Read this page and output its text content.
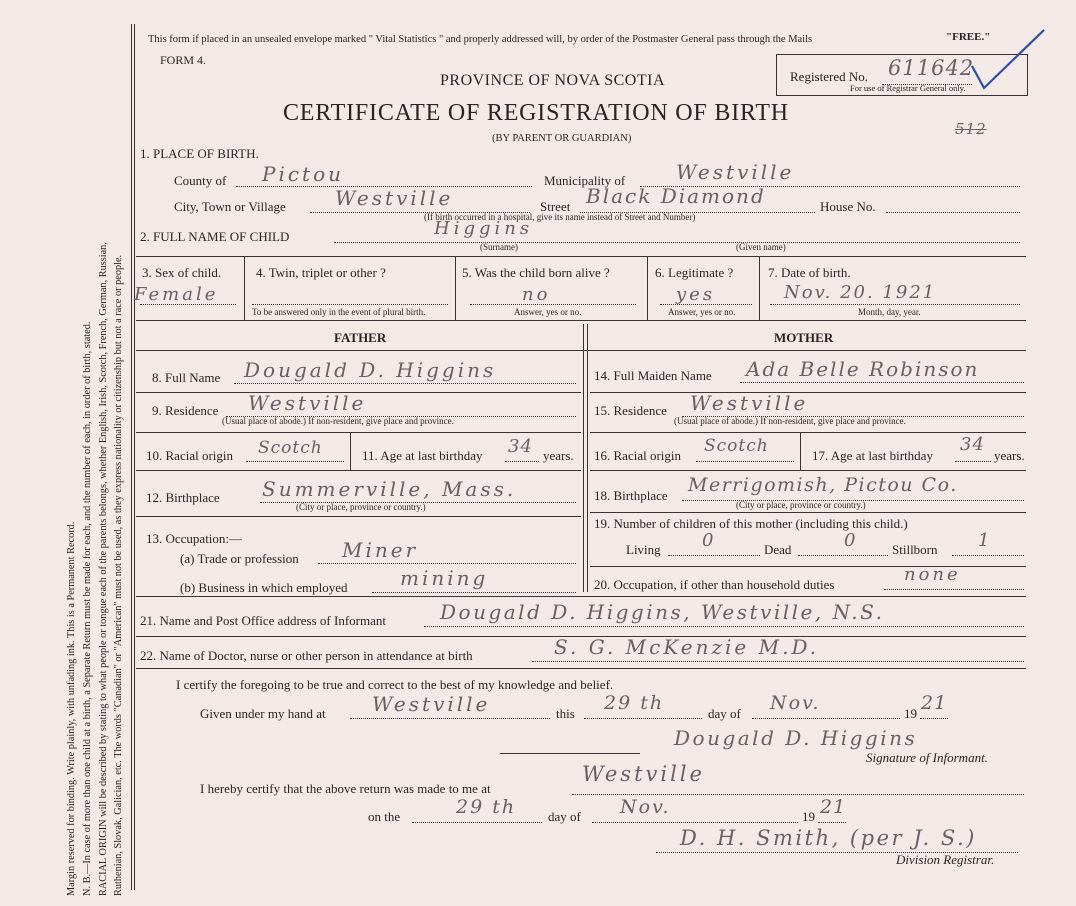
Margin reserved for binding. Write plainly, with unfading ink. This is a Permanent Record. N. B.—In case of more than one child at a birth, a Separate Return must be made for each, and the number of each, in order of birth, stated. RACIAL ORIGIN will be described by stating to what people or tongue each of the parents belongs, whether English, Irish, Scotch, French, German, Russian, Ruthenian, Slovak, Galician, etc. The words "Canadian" or "American" must not be used, as they express nationality or citizenship but not a race or people.
This form if placed in an unsealed envelope marked " Vital Statistics " and properly addressed will, by order of the Postmaster General pass through the Mails	"FREE."
FORM 4.
PROVINCE OF NOVA SCOTIA
CERTIFICATE OF REGISTRATION OF BIRTH
(BY PARENT OR GUARDIAN)
Registered No. 611642
For use of Registrar General only.
512
1. PLACE OF BIRTH.
County of Pictou	Municipality of	Westville
City, Town or Village Westville	Street Black Diamond	House No.
(If birth occurred in a hospital, give its name instead of Street and Number)
2. FULL NAME OF CHILD	Higgins
(Surname)	(Given name)
3. Sex of child.
Female
4. Twin, triplet or other ?
To be answered only in the event of plural birth.
5. Was the child born alive ?
no
Answer, yes or no.
6. Legitimate ?
yes
Answer, yes or no.
7. Date of birth.
Nov. 20. 1921
Month, day, year.
FATHER	MOTHER
8. Full Name Dougald D. Higgins
9. Residence Westville
(Usual place of abode.) If non-resident, give place and province.
10. Racial origin Scotch	11. Age at last birthday 34 years.
12. Birthplace Summerville, Mass.
(City or place, province or country.)
13. Occupation:—
(a) Trade or profession Miner
(b) Business in which employed	mining
14. Full Maiden Name Ada Belle Robinson
15. Residence Westville
(Usual place of abode.) If non-resident, give place and province.
16. Racial origin Scotch	17. Age at last birthday
34
years.
18. Birthplace Merrigomish, Pictou Co.
(City or place, province or country.)
19. Number of children of this mother (including this child.)
Living 0	Dead	0	Stillborn 1
20. Occupation, if other than household duties	none
21. Name and Post Office address of Informant	Dougald D. Higgins, Westville, N.S.
22. Name of Doctor, nurse or other person in attendance at birth	S. G. McKenzie M.D.
I certify the foregoing to be true and correct to the best of my knowledge and belief.
Given under my hand at Westville	this 29 th	day of Nov.	19 21
Dougald D. Higgins
Signature of Informant.
I hereby certify that the above return was made to me at
Westville
on the	29 th day of Nov.	19 21
D. H. Smith, (per J. S.)
Division Registrar.
